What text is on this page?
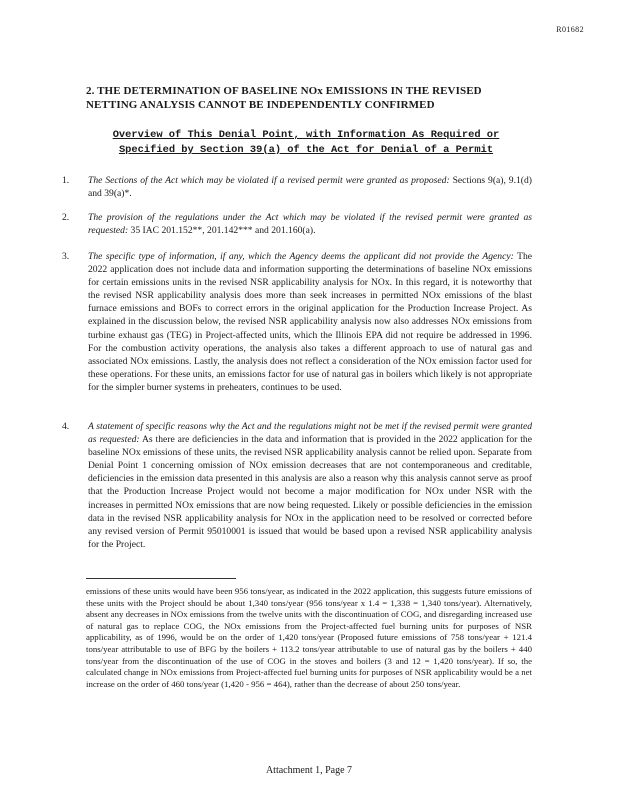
R01682
2. THE DETERMINATION OF BASELINE NOx EMISSIONS IN THE REVISED NETTING ANALYSIS CANNOT BE INDEPENDENTLY CONFIRMED
Overview of This Denial Point, with Information As Required or Specified by Section 39(a) of the Act for Denial of a Permit
1. The Sections of the Act which may be violated if a revised permit were granted as proposed: Sections 9(a), 9.1(d) and 39(a)*.
2. The provision of the regulations under the Act which may be violated if the revised permit were granted as requested: 35 IAC 201.152**, 201.142*** and 201.160(a).
3. The specific type of information, if any, which the Agency deems the applicant did not provide the Agency: The 2022 application does not include data and information supporting the determinations of baseline NOx emissions for certain emissions units in the revised NSR applicability analysis for NOx. In this regard, it is noteworthy that the revised NSR applicability analysis does more than seek increases in permitted NOx emissions of the blast furnace emissions and BOFs to correct errors in the original application for the Production Increase Project. As explained in the discussion below, the revised NSR applicability analysis now also addresses NOx emissions from turbine exhaust gas (TEG) in Project-affected units, which the Illinois EPA did not require be addressed in 1996. For the combustion activity operations, the analysis also takes a different approach to use of natural gas and associated NOx emissions. Lastly, the analysis does not reflect a consideration of the NOx emission factor used for these operations. For these units, an emissions factor for use of natural gas in boilers which likely is not appropriate for the simpler burner systems in preheaters, continues to be used.
4. A statement of specific reasons why the Act and the regulations might not be met if the revised permit were granted as requested: As there are deficiencies in the data and information that is provided in the 2022 application for the baseline NOx emissions of these units, the revised NSR applicability analysis cannot be relied upon. Separate from Denial Point 1 concerning omission of NOx emission decreases that are not contemporaneous and creditable, deficiencies in the emission data presented in this analysis are also a reason why this analysis cannot serve as proof that the Production Increase Project would not become a major modification for NOx under NSR with the increases in permitted NOx emissions that are now being requested. Likely or possible deficiencies in the emission data in the revised NSR applicability analysis for NOx in the application need to be resolved or corrected before any revised version of Permit 95010001 is issued that would be based upon a revised NSR applicability analysis for the Project.
emissions of these units would have been 956 tons/year, as indicated in the 2022 application, this suggests future emissions of these units with the Project should be about 1,340 tons/year (956 tons/year x 1.4 = 1,338 = 1,340 tons/year). Alternatively, absent any decreases in NOx emissions from the twelve units with the discontinuation of COG, and disregarding increased use of natural gas to replace COG, the NOx emissions from the Project-affected fuel burning units for purposes of NSR applicability, as of 1996, would be on the order of 1,420 tons/year (Proposed future emissions of 758 tons/year + 121.4 tons/year attributable to use of BFG by the boilers + 113.2 tons/year attributable to use of natural gas by the boilers + 440 tons/year from the discontinuation of the use of COG in the stoves and boilers (3 and 12 = 1,420 tons/year). If so, the calculated change in NOx emissions from Project-affected fuel burning units for purposes of NSR applicability would be a net increase on the order of 460 tons/year (1,420 - 956 = 464), rather than the decrease of about 250 tons/year.
Attachment 1, Page 7
